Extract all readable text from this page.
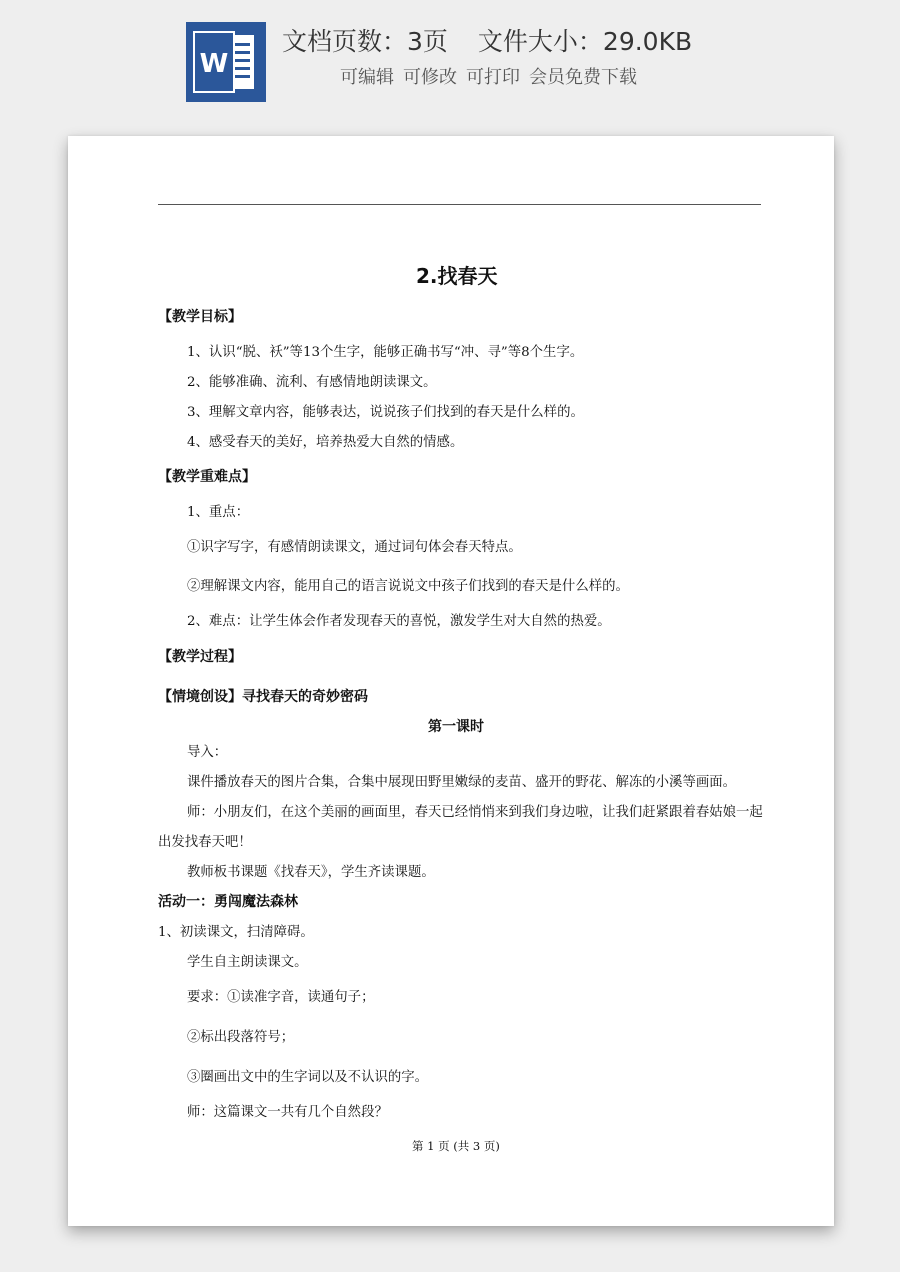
W
文档页数：3页 文件大小：29.0KB
可编辑 可修改 可打印 会员免费下载
2.找春天
【教学目标】
1、认识“脱、袄”等13个生字，能够正确书写“冲、寻”等8个生字。
2、能够准确、流利、有感情地朗读课文。
3、理解文章内容，能够表达，说说孩子们找到的春天是什么样的。
4、感受春天的美好，培养热爱大自然的情感。
【教学重难点】
1、重点：
①识字写字，有感情朗读课文，通过词句体会春天特点。
②理解课文内容，能用自己的语言说说文中孩子们找到的春天是什么样的。
2、难点：让学生体会作者发现春天的喜悦，激发学生对大自然的热爱。
【教学过程】
【情境创设】寻找春天的奇妙密码
第一课时
导入：
课件播放春天的图片合集，合集中展现田野里嫩绿的麦苗、盛开的野花、解冻的小溪等画面。
师：小朋友们，在这个美丽的画面里，春天已经悄悄来到我们身边啦，让我们赶紧跟着春姑娘一起
出发找春天吧！
教师板书课题《找春天》，学生齐读课题。
活动一：勇闯魔法森林
1、初读课文，扫清障碍。
学生自主朗读课文。
要求：①读准字音，读通句子；
②标出段落符号；
③圈画出文中的生字词以及不认识的字。
师：这篇课文一共有几个自然段？
第 1 页 (共 3 页)
